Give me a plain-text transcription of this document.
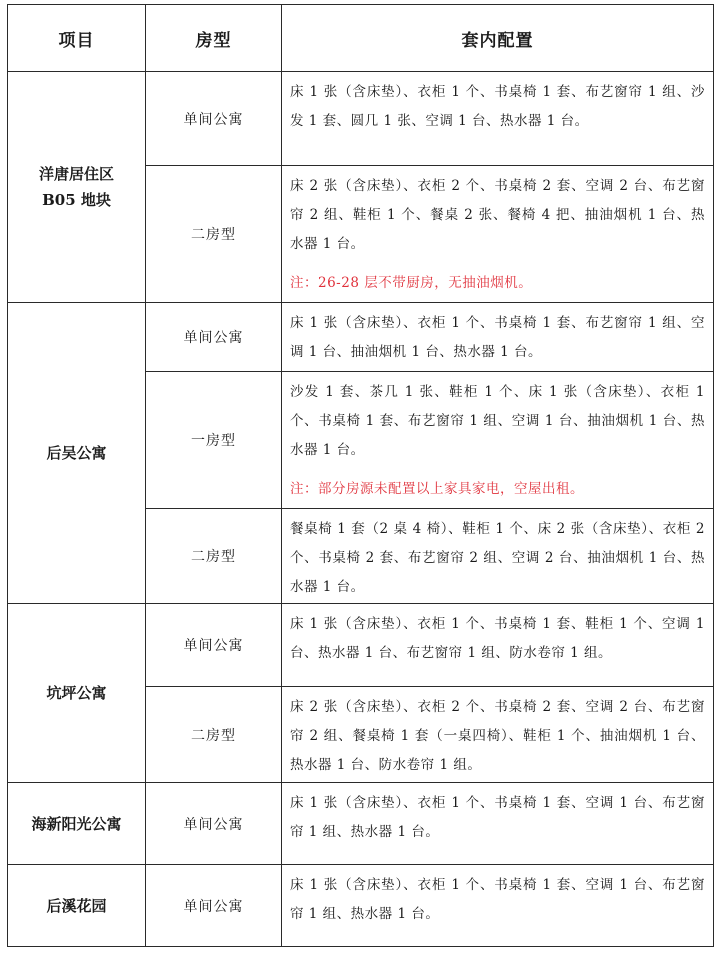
项目	房型	套内配置
洋唐居住区 B05 地块	单间公寓	床 1 张（含床垫）、衣柜 1 个、书桌椅 1 套、布艺窗帘 1 组、沙发 1 套、圆几 1 张、空调 1 台、热水器 1 台。

	二房型	床 2 张（含床垫）、衣柜 2 个、书桌椅 2 套、空调 2 台、布艺窗帘 2 组、鞋柜 1 个、餐桌 2 张、餐椅 4 把、抽油烟机 1 台、热水器 1 台。
注：26-28 层不带厨房，无抽油烟机。

后吴公寓	单间公寓	床 1 张（含床垫）、衣柜 1 个、书桌椅 1 套、布艺窗帘 1 组、空调 1 台、抽油烟机 1 台、热水器 1 台。

	一房型	沙发 1 套、茶几 1 张、鞋柜 1 个、床 1 张（含床垫）、衣柜 1 个、书桌椅 1 套、布艺窗帘 1 组、空调 1 台、抽油烟机 1 台、热水器 1 台。
注：部分房源未配置以上家具家电，空屋出租。

	二房型	餐桌椅 1 套（2 桌 4 椅）、鞋柜 1 个、床 2 张（含床垫）、衣柜 2 个、书桌椅 2 套、布艺窗帘 2 组、空调 2 台、抽油烟机 1 台、热水器 1 台。

坑坪公寓	单间公寓	床 1 张（含床垫）、衣柜 1 个、书桌椅 1 套、鞋柜 1 个、空调 1 台、热水器 1 台、布艺窗帘 1 组、防水卷帘 1 组。

	二房型	床 2 张（含床垫）、衣柜 2 个、书桌椅 2 套、空调 2 台、布艺窗帘 2 组、餐桌椅 1 套（一桌四椅）、鞋柜 1 个、抽油烟机 1 台、热水器 1 台、防水卷帘 1 组。

海新阳光公寓	单间公寓	床 1 张（含床垫）、衣柜 1 个、书桌椅 1 套、空调 1 台、布艺窗帘 1 组、热水器 1 台。

后溪花园	单间公寓	床 1 张（含床垫）、衣柜 1 个、书桌椅 1 套、空调 1 台、布艺窗帘 1 组、热水器 1 台。
